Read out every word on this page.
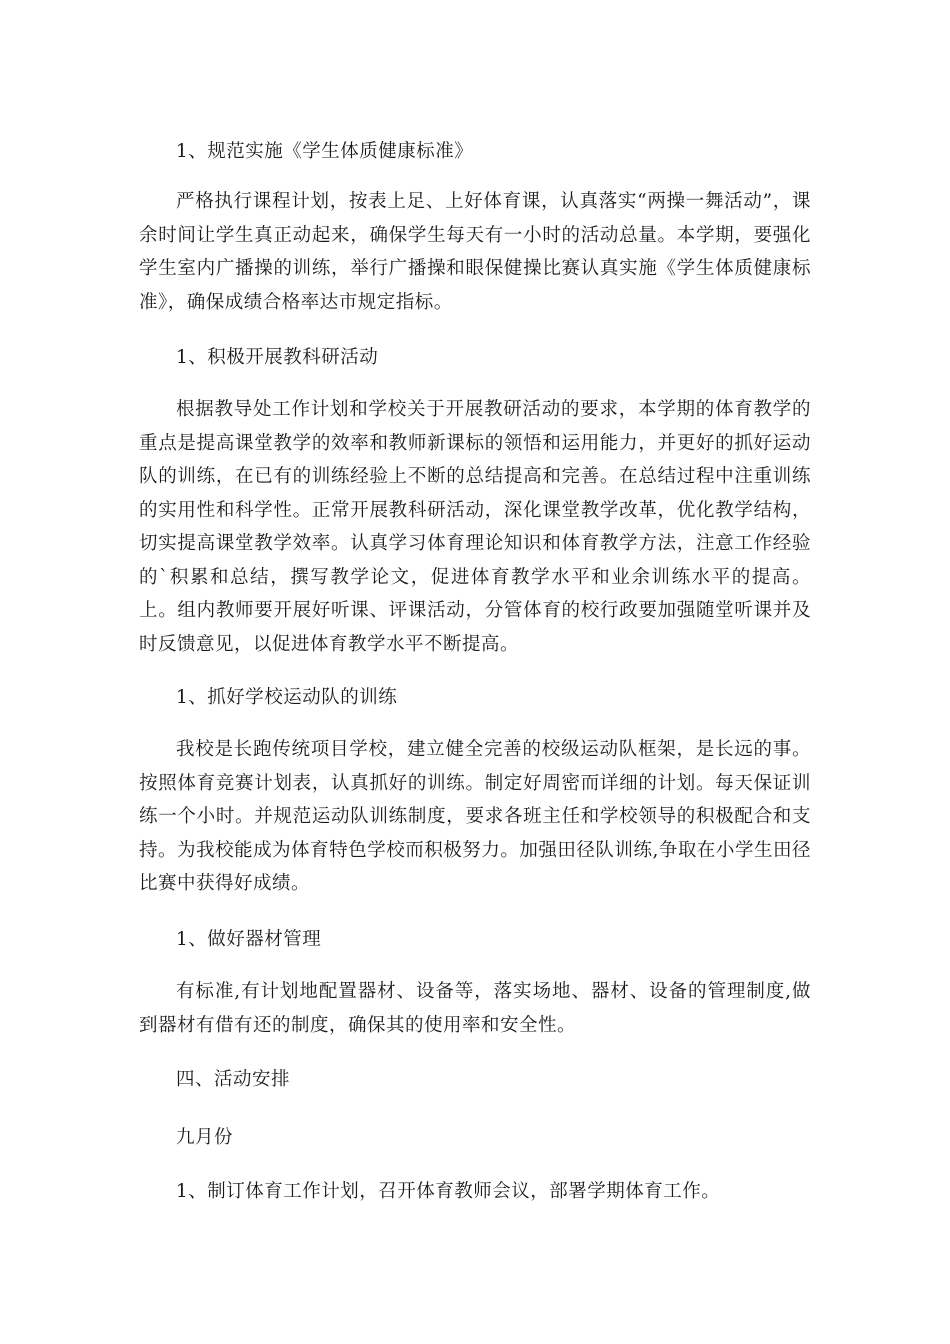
1、规范实施《学生体质健康标准》

严格执行课程计划，按表上足、上好体育课，认真落实“两操一舞活动”，课余时间让学生真正动起来，确保学生每天有一小时的活动总量。本学期，要强化学生室内广播操的训练，举行广播操和眼保健操比赛认真实施《学生体质健康标准》，确保成绩合格率达市规定指标。

1、积极开展教科研活动

根据教导处工作计划和学校关于开展教研活动的要求，本学期的体育教学的重点是提高课堂教学的效率和教师新课标的领悟和运用能力，并更好的抓好运动队的训练，在已有的训练经验上不断的总结提高和完善。在总结过程中注重训练的实用性和科学性。正常开展教科研活动，深化课堂教学改革，优化教学结构，切实提高课堂教学效率。认真学习体育理论知识和体育教学方法，注意工作经验的`积累和总结，撰写教学论文，促进体育教学水平和业余训练水平的提高。上。组内教师要开展好听课、评课活动，分管体育的校行政要加强随堂听课并及时反馈意见，以促进体育教学水平不断提高。

1、抓好学校运动队的训练

我校是长跑传统项目学校，建立健全完善的校级运动队框架，是长远的事。按照体育竞赛计划表，认真抓好的训练。制定好周密而详细的计划。每天保证训练一个小时。并规范运动队训练制度，要求各班主任和学校领导的积极配合和支持。为我校能成为体育特色学校而积极努力。加强田径队训练,争取在小学生田径比赛中获得好成绩。

1、做好器材管理

有标准,有计划地配置器材、设备等，落实场地、器材、设备的管理制度,做到器材有借有还的制度，确保其的使用率和安全性。

四、活动安排

九月份

1、制订体育工作计划，召开体育教师会议，部署学期体育工作。
